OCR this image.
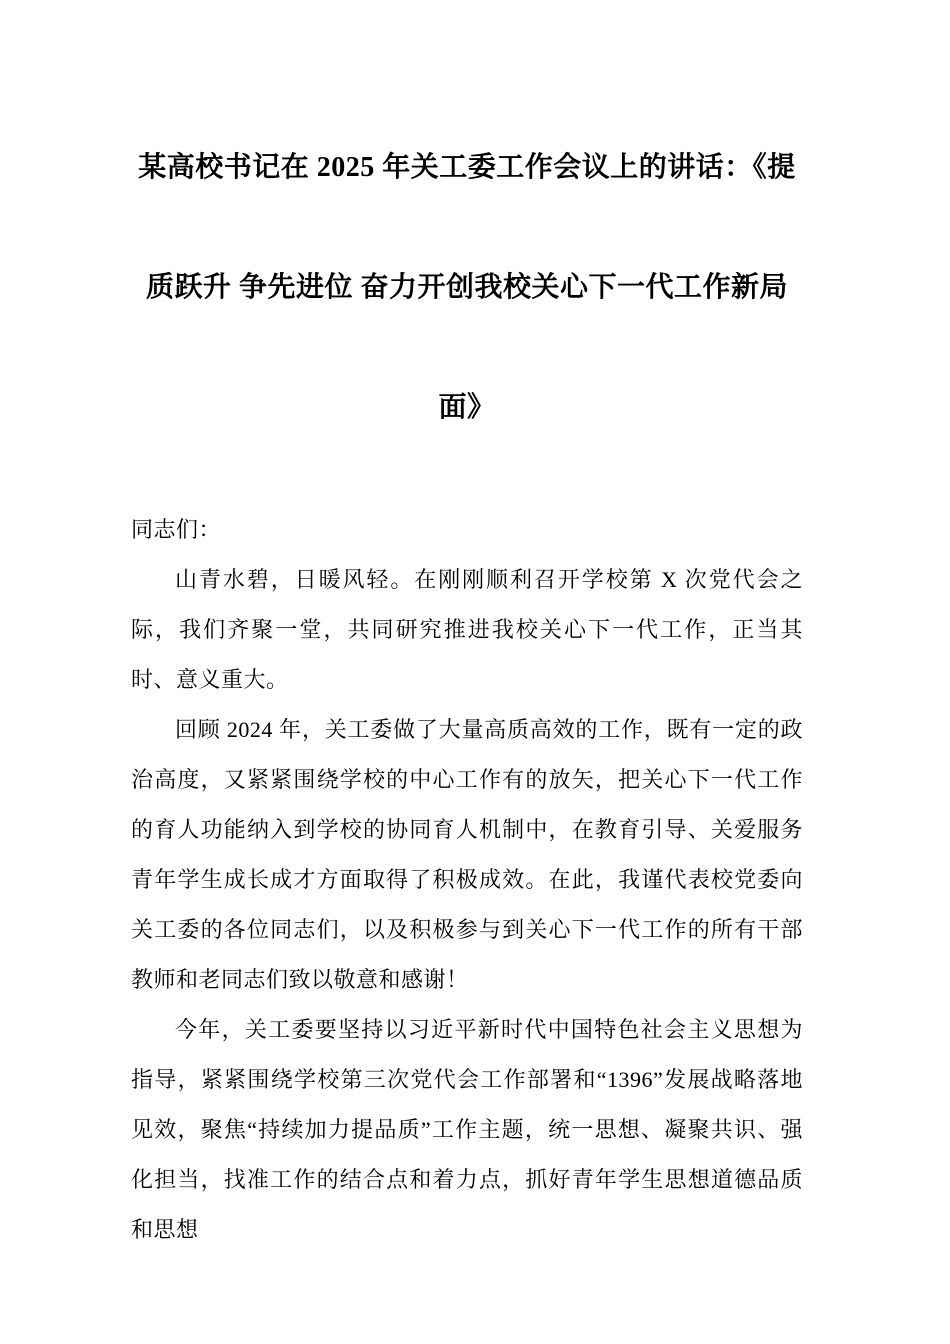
某高校书记在 2025 年关工委工作会议上的讲话：《提
质跃升 争先进位 奋力开创我校关心下一代工作新局
面》

同志们：

山青水碧，日暖风轻。在刚刚顺利召开学校第 X 次党代会之际，我们齐聚一堂，共同研究推进我校关心下一代工作，正当其时、意义重大。

回顾 2024 年，关工委做了大量高质高效的工作，既有一定的政治高度，又紧紧围绕学校的中心工作有的放矢，把关心下一代工作的育人功能纳入到学校的协同育人机制中，在教育引导、关爱服务青年学生成长成才方面取得了积极成效。在此，我谨代表校党委向关工委的各位同志们，以及积极参与到关心下一代工作的所有干部教师和老同志们致以敬意和感谢！

今年，关工委要坚持以习近平新时代中国特色社会主义思想为指导，紧紧围绕学校第三次党代会工作部署和“1396”发展战略落地见效，聚焦“持续加力提品质”工作主题，统一思想、凝聚共识、强化担当，找准工作的结合点和着力点，抓好青年学生思想道德品质和思想
